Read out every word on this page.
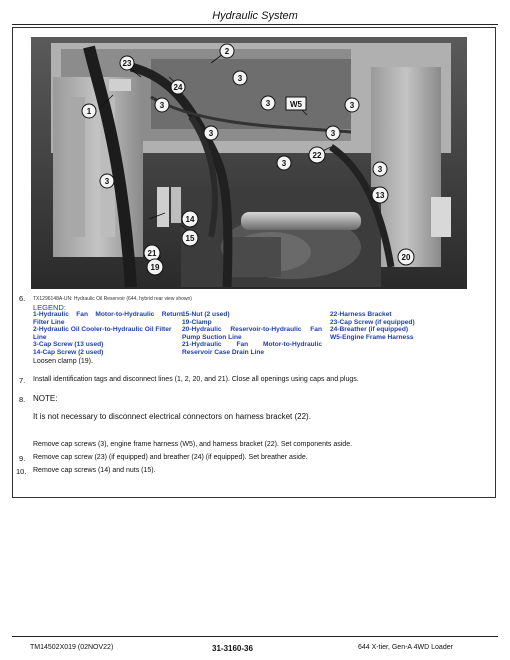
Hydraulic System
23
2
3
24
1
3	3	3
3	3
22
3
3
3
13
14
15
21
19
20
W5
6. TX1296148A-UN: Hydraulic Oil Reservoir (644, hybrid rear view shown)
LEGEND:
1-Hydraulic Fan Motor-to-Hydraulic Return
Filter Line
2-Hydraulic Oil Cooler-to-Hydraulic Oil Filter
Line
3-Cap Screw (13 used)
14-Cap Screw (2 used)
15-Nut (2 used)
19-Clamp
20-Hydraulic Reservoir-to-Hydraulic Fan
Pump Suction Line
21-Hydraulic Fan Motor-to-Hydraulic
Reservoir Case Drain Line
22-Harness Bracket
23-Cap Screw (if equipped)
24-Breather (if equipped)
W5-Engine Frame Harness
Loosen clamp (19).
7. Install identification tags and disconnect lines (1, 2, 20, and 21). Close all openings using caps and plugs.
8. NOTE:
It is not necessary to disconnect electrical connectors on harness bracket (22).
Remove cap screws (3), engine frame harness (W5), and harness bracket (22). Set components aside.
9. Remove cap screw (23) (if equipped) and breather (24) (if equipped). Set breather aside.
10. Remove cap screws (14) and nuts (15).
TM14502X019 (02NOV22)	31-3160-36	644 X-tier, Gen-A 4WD Loader
